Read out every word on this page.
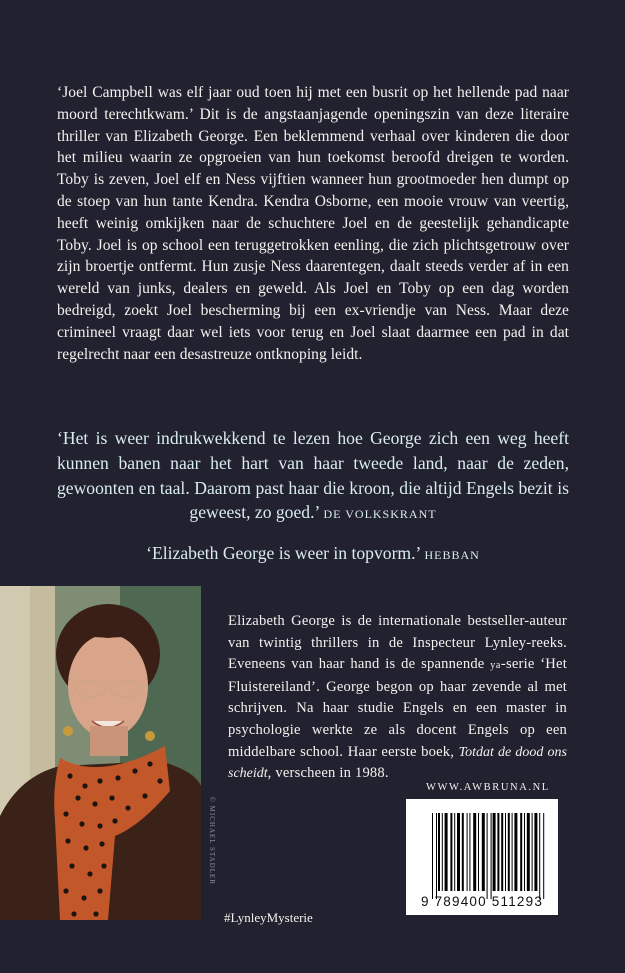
‘Joel Campbell was elf jaar oud toen hij met een busrit op het hellende pad naar moord terechtkwam.’ Dit is de angstaanjagende openingszin van deze literaire thriller van Elizabeth George. Een beklemmend verhaal over kinderen die door het milieu waarin ze opgroeien van hun toekomst beroofd dreigen te worden. Toby is zeven, Joel elf en Ness vijftien wanneer hun grootmoeder hen dumpt op de stoep van hun tante Kendra. Kendra Osborne, een mooie vrouw van veertig, heeft weinig omkijken naar de schuchtere Joel en de geestelijk gehandicapte Toby. Joel is op school een teruggetrokken eenling, die zich plichtsgetrouw over zijn broertje ontfermt. Hun zusje Ness daarentegen, daalt steeds verder af in een wereld van junks, dealers en geweld. Als Joel en Toby op een dag worden bedreigd, zoekt Joel bescherming bij een ex-vriendje van Ness. Maar deze crimineel vraagt daar wel iets voor terug en Joel slaat daarmee een pad in dat regelrecht naar een desastreuze ontknoping leidt.

‘Het is weer indrukwekkend te lezen hoe George zich een weg heeft kunnen banen naar het hart van haar tweede land, naar de zeden, gewoonten en taal. Daarom past haar die kroon, die altijd Engels bezit is geweest, zo goed.’ DE VOLKSKRANT

‘Elizabeth George is weer in topvorm.’ HEBBAN

© MICHAEL STADLER
Elizabeth George is de internationale bestseller-auteur van twintig thrillers in de Inspecteur Lynley-reeks. Eveneens van haar hand is de spannende ya-serie ‘Het Fluistereiland’. George begon op haar zevende al met schrijven. Na haar studie Engels en een master in psychologie werkte ze als docent Engels op een middelbare school. Haar eerste boek, Totdat de dood ons scheidt, verscheen in 1988.
WWW.AWBRUNA.NL
#LynleyMysterie
9 789400 511293
